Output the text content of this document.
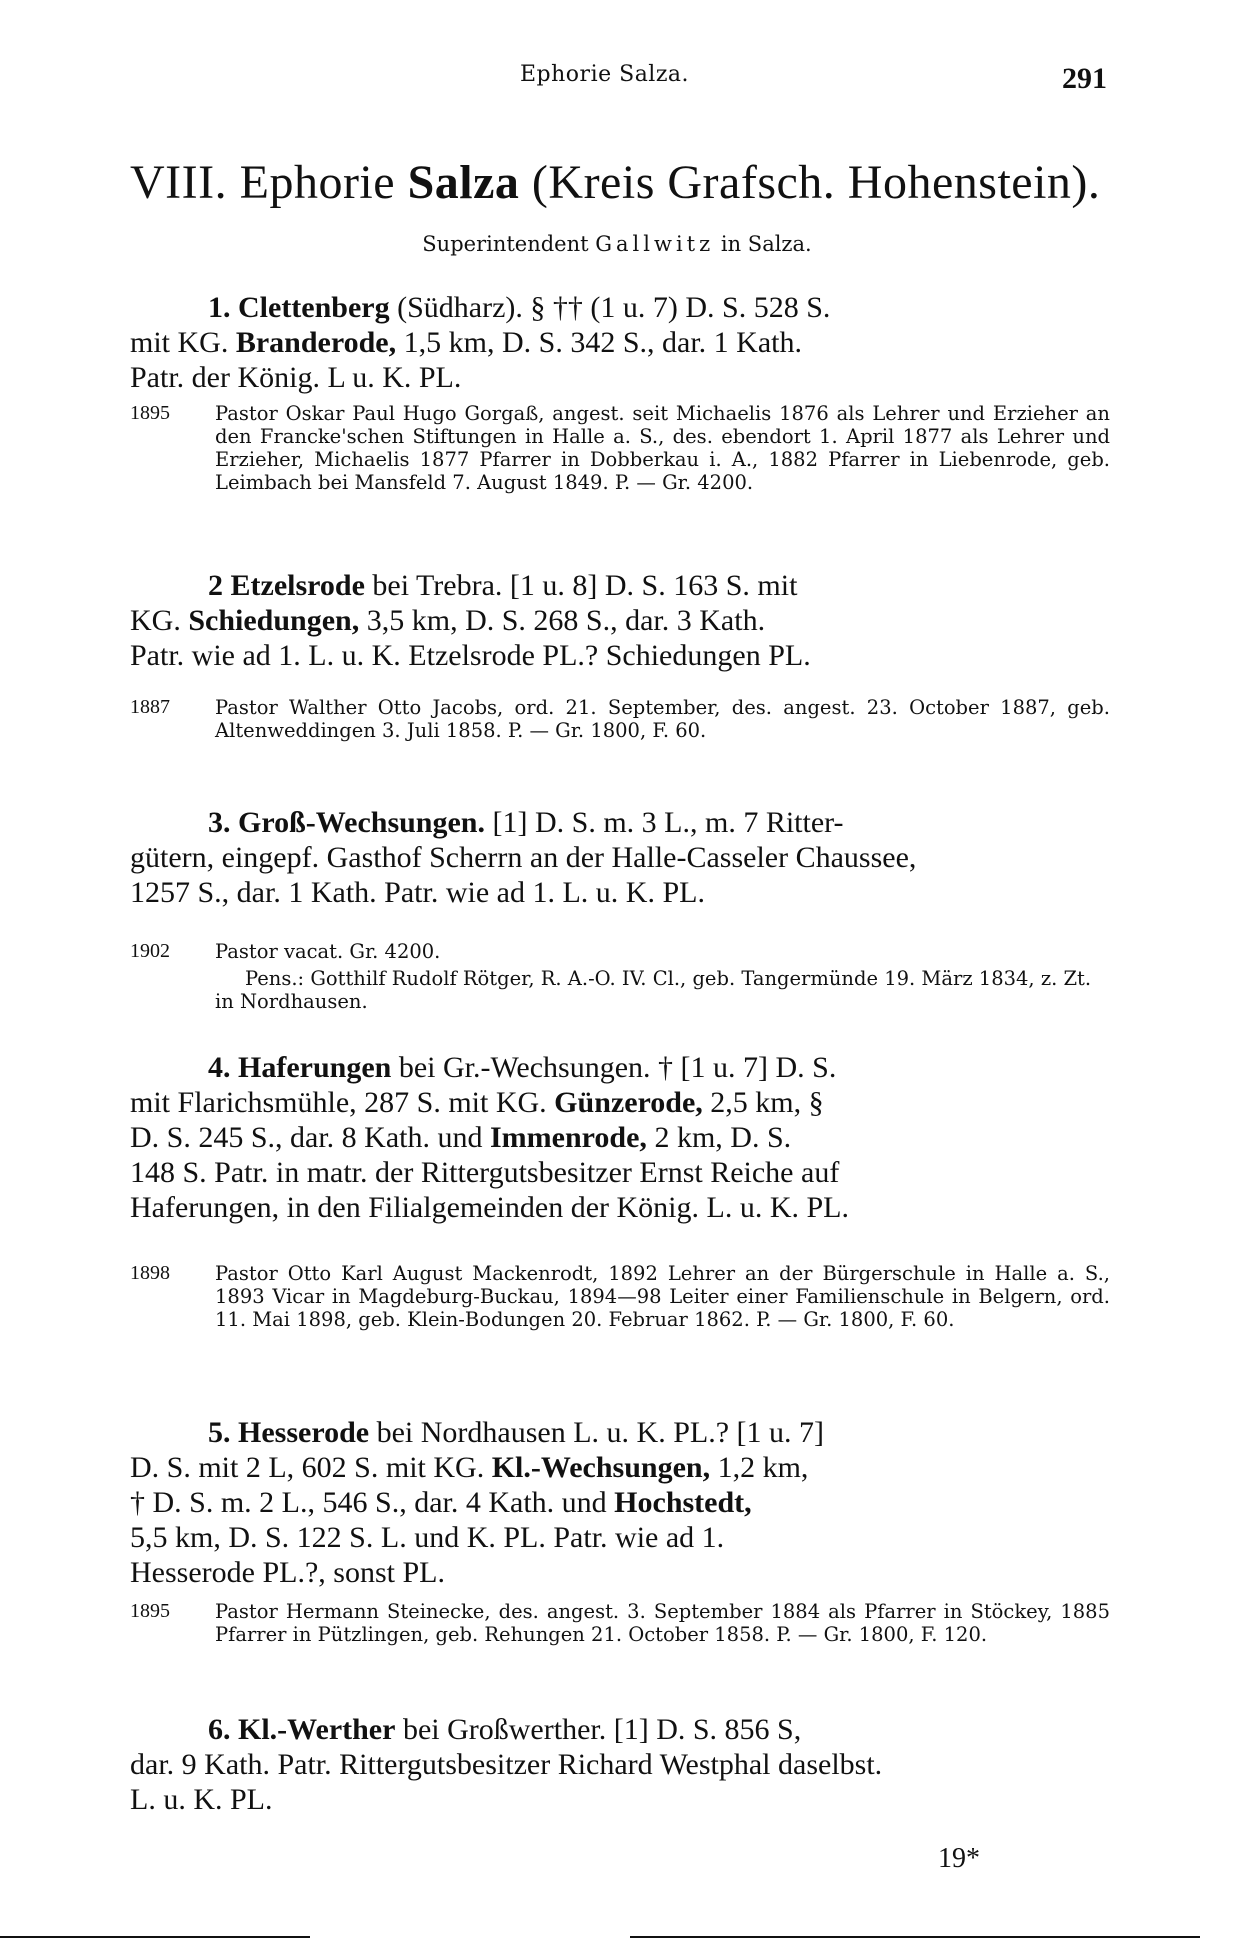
Ephorie Salza.	291
VIII. Ephorie Salza (Kreis Grafsch. Hohenstein).
Superintendent Gallwitz in Salza.
1. Clettenberg (Südharz). § †† (1 u. 7) D. S. 528 S.
mit KG. Branderode, 1,5 km, D. S. 342 S., dar. 1 Kath.
Patr. der König. L u. K. PL.
1895 Pastor Oskar Paul Hugo Gorgaß, angest. seit Michaelis 1876 als Lehrer und Erzieher an den Francke'schen Stiftungen in Halle a. S., des. ebendort 1. April 1877 als Lehrer und Erzieher, Michaelis 1877 Pfarrer in Dobberkau i. A., 1882 Pfarrer in Liebenrode, geb. Leimbach bei Mansfeld 7. August 1849. P. — Gr. 4200.
2 Etzelsrode bei Trebra. [1 u. 8] D. S. 163 S. mit
KG. Schiedungen, 3,5 km, D. S. 268 S., dar. 3 Kath.
Patr. wie ad 1. L. u. K. Etzelsrode PL.? Schiedungen PL.
1887 Pastor Walther Otto Jacobs, ord. 21. September, des. angest. 23. October 1887, geb. Altenweddingen 3. Juli 1858. P. — Gr. 1800, F. 60.
3. Groß-Wechsungen. [1] D. S. m. 3 L., m. 7 Ritter-
gütern, eingepf. Gasthof Scherrn an der Halle-Casseler Chaussee,
1257 S., dar. 1 Kath. Patr. wie ad 1. L. u. K. PL.
1902 Pastor vacat. Gr. 4200.
Pens.: Gotthilf Rudolf Rötger, R. A.-O. IV. Cl., geb. Tangermünde 19. März 1834, z. Zt. in Nordhausen.
4. Haferungen bei Gr.-Wechsungen. † [1 u. 7] D. S.
mit Flarichsmühle, 287 S. mit KG. Günzerode, 2,5 km, §
D. S. 245 S., dar. 8 Kath. und Immenrode, 2 km, D. S.
148 S. Patr. in matr. der Rittergutsbesitzer Ernst Reiche auf
Haferungen, in den Filialgemeinden der König. L. u. K. PL.
1898 Pastor Otto Karl August Mackenrodt, 1892 Lehrer an der Bürgerschule in Halle a. S., 1893 Vicar in Magdeburg-Buckau, 1894—98 Leiter einer Familienschule in Belgern, ord. 11. Mai 1898, geb. Klein-Bodungen 20. Februar 1862. P. — Gr. 1800, F. 60.
5. Hesserode bei Nordhausen L. u. K. PL.? [1 u. 7]
D. S. mit 2 L, 602 S. mit KG. Kl.-Wechsungen, 1,2 km,
† D. S. m. 2 L., 546 S., dar. 4 Kath. und Hochstedt,
5,5 km, D. S. 122 S. L. und K. PL. Patr. wie ad 1.
Hesserode PL.?, sonst PL.
1895 Pastor Hermann Steinecke, des. angest. 3. September 1884 als Pfarrer in Stöckey, 1885 Pfarrer in Pützlingen, geb. Rehungen 21. October 1858. P. — Gr. 1800, F. 120.
6. Kl.-Werther bei Großwerther. [1] D. S. 856 S,
dar. 9 Kath. Patr. Rittergutsbesitzer Richard Westphal daselbst.
L. u. K. PL.
19*
